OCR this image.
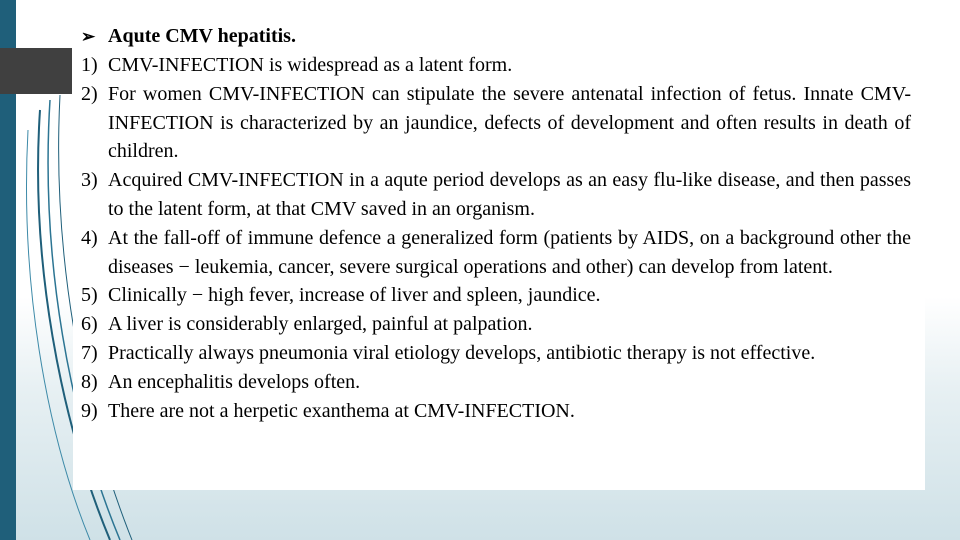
➢ Aqute CMV hepatitis.
1) CMV-INFECTION is widespread as a latent form.
2) For women CMV-INFECTION can stipulate the severe antenatal infection of fetus. Innate CMV-INFECTION is characterized by an jaundice, defects of development and often results in death of children.
3) Acquired CMV-INFECTION in a aqute period develops as an easy flu-like disease, and then passes to the latent form, at that CMV saved in an organism.
4) At the fall-off of immune defence a generalized form (patients by AIDS, on a background other the diseases − leukemia, cancer, severe surgical operations and other) can develop from latent.
5) Clinically − high fever, increase of liver and spleen, jaundice.
6) A liver is considerably enlarged, painful at palpation.
7) Practically always pneumonia viral etiology develops, antibiotic therapy is not effective.
8) An encephalitis develops often.
9) There are not a herpetic exanthema at CMV-INFECTION.
